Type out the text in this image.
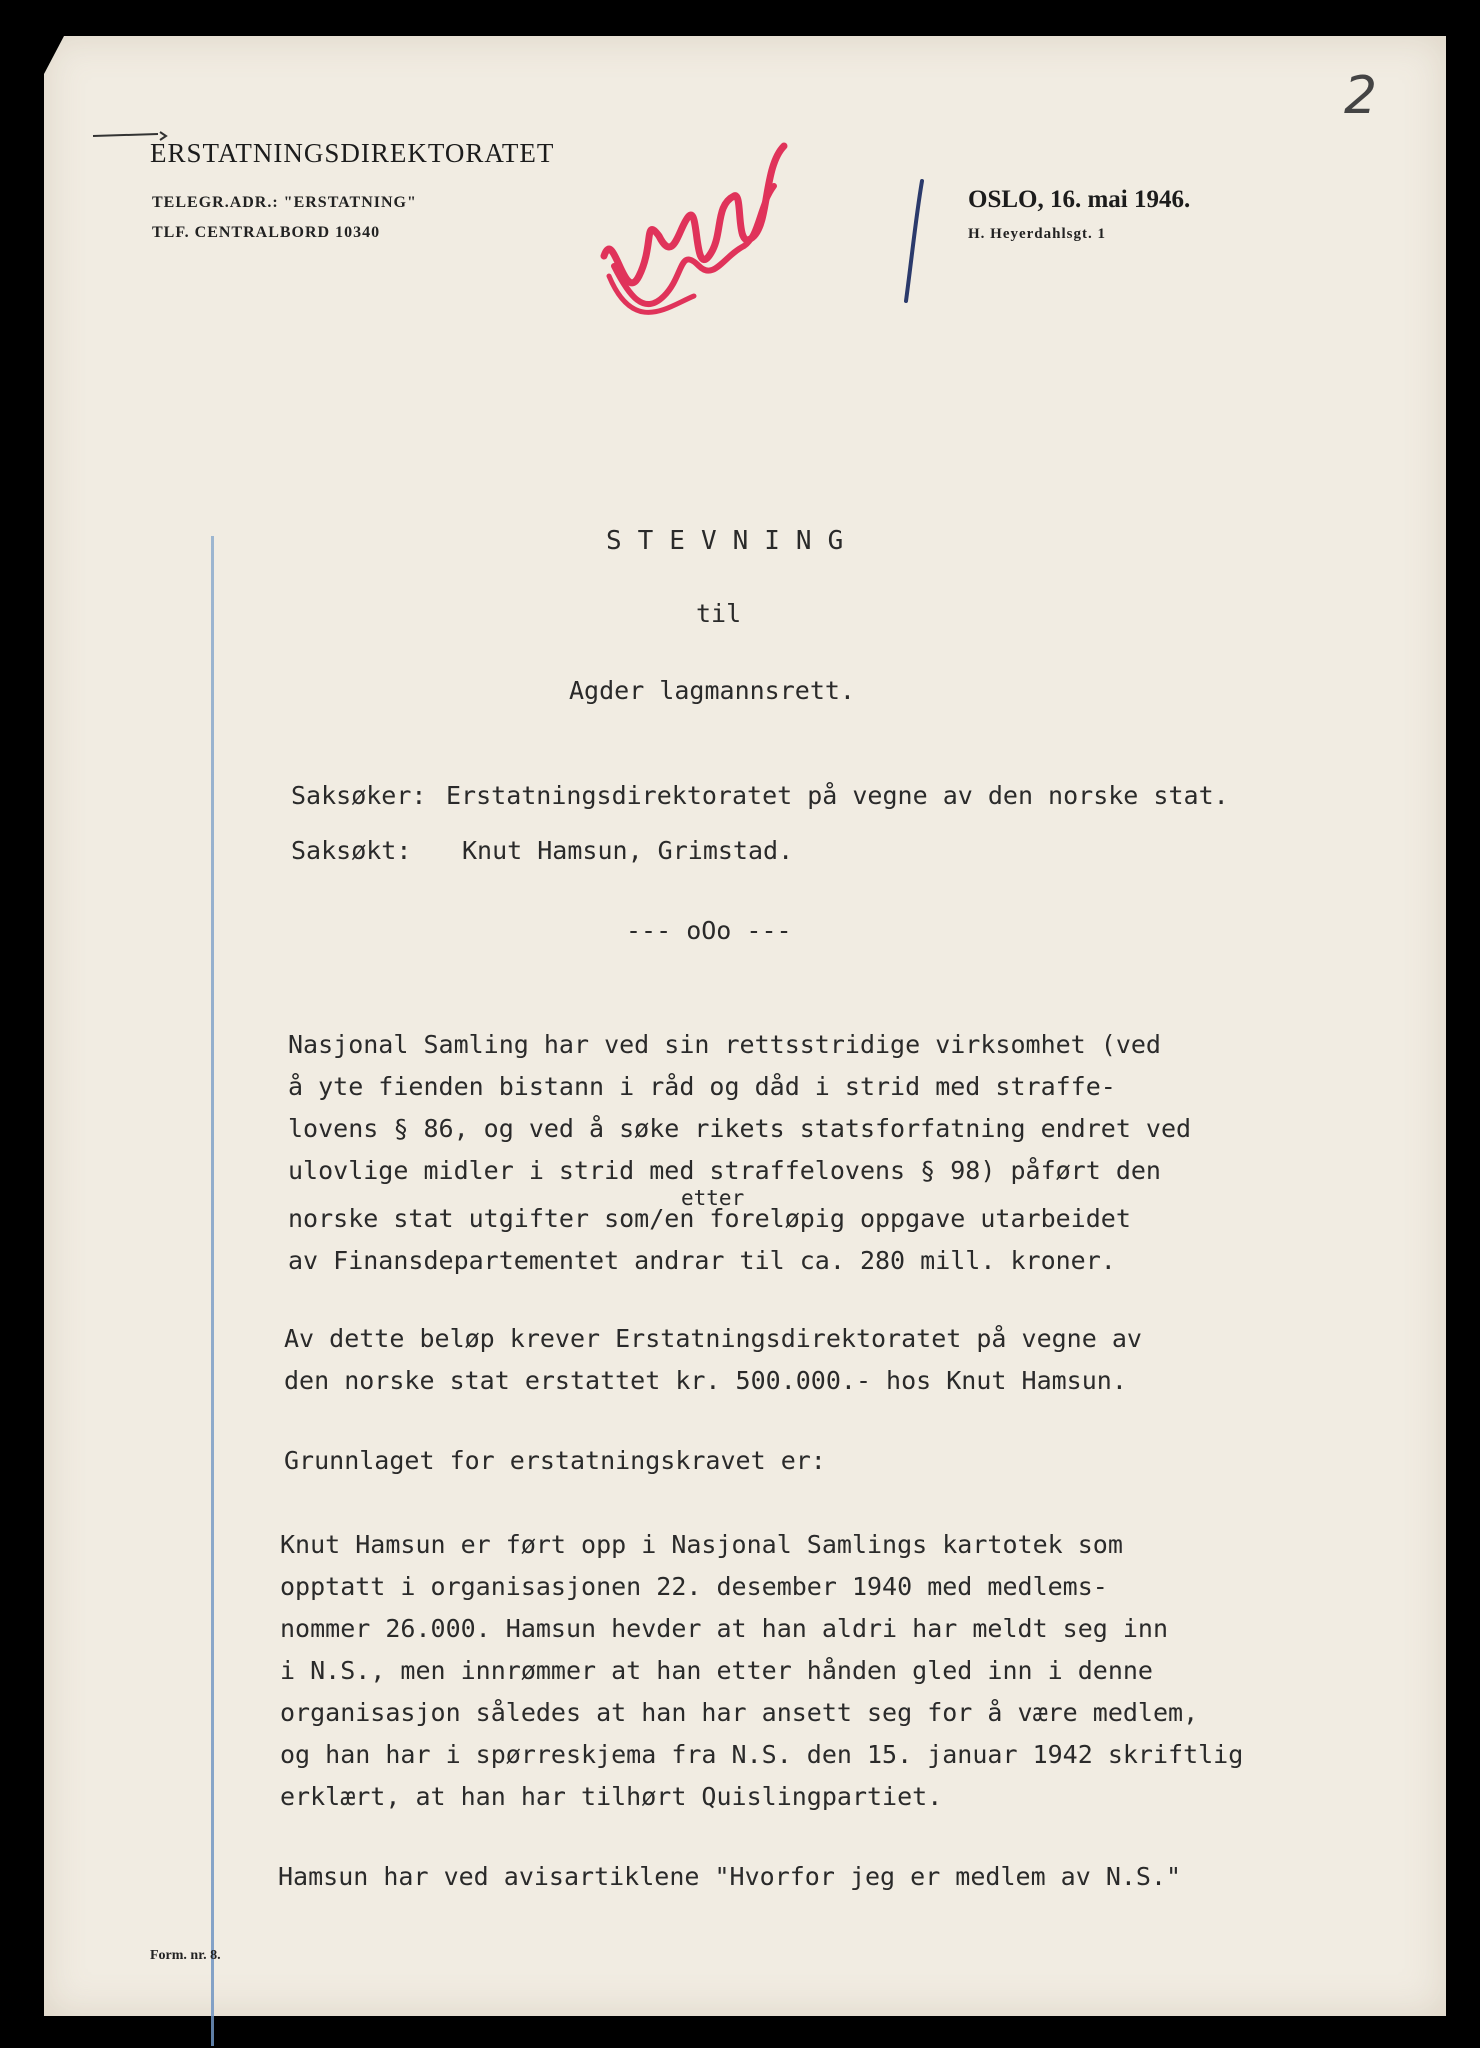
2
ERSTATNINGSDIREKTORATET
TELEGR.ADR.: "ERSTATNING"
TLF. CENTRALBORD 10340
OSLO, 16. mai 1946.
H. Heyerdahlsgt. 1
STEVNING
til
Agder lagmannsrett.
Saksøker: Erstatningsdirektoratet på vegne av den norske stat.
Saksøkt: Knut Hamsun, Grimstad.
--- oOo ---
Nasjonal Samling har ved sin rettsstridige virksomhet (ved
å yte fienden bistann i råd og dåd i strid med straffe-
lovens § 86, og ved å søke rikets statsforfatning endret ved
ulovlige midler i strid med straffelovens § 98) påført den
etter
norske stat utgifter som/en foreløpig oppgave utarbeidet
av Finansdepartementet andrar til ca. 280 mill. kroner.
Av dette beløp krever Erstatningsdirektoratet på vegne av
den norske stat erstattet kr. 500.000.- hos Knut Hamsun.
Grunnlaget for erstatningskravet er:
Knut Hamsun er ført opp i Nasjonal Samlings kartotek som
opptatt i organisasjonen 22. desember 1940 med medlems-
nommer 26.000. Hamsun hevder at han aldri har meldt seg inn
i N.S., men innrømmer at han etter hånden gled inn i denne
organisasjon således at han har ansett seg for å være medlem,
og han har i spørreskjema fra N.S. den 15. januar 1942 skriftlig
erklært, at han har tilhørt Quislingpartiet.
Hamsun har ved avisartiklene "Hvorfor jeg er medlem av N.S."
Form. nr. 8.
